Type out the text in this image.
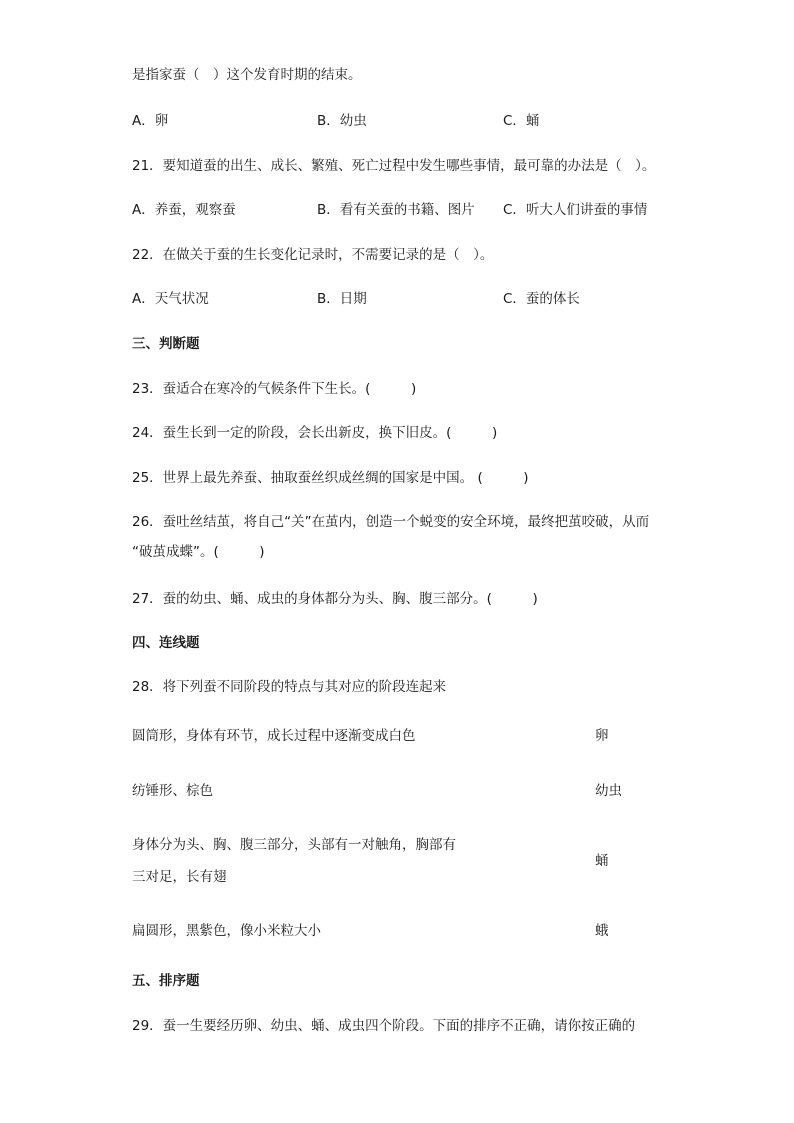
是指家蚕（　）这个发育时期的结束。
A．卵	B．幼虫	C．蛹
21．要知道蚕的出生、成长、繁殖、死亡过程中发生哪些事情，最可靠的办法是（　）。
A．养蚕，观察蚕	B．看有关蚕的书籍、图片 C．听大人们讲蚕的事情
22．在做关于蚕的生长变化记录时，不需要记录的是（　）。
A．天气状况	B．日期	C．蚕的体长
三、判断题
23．蚕适合在寒冷的气候条件下生长。(　　　)
24．蚕生长到一定的阶段，会长出新皮，换下旧皮。(　　　)
25．世界上最先养蚕、抽取蚕丝织成丝绸的国家是中国。 (　　　)
26．蚕吐丝结茧，将自己“关”在茧内，创造一个蜕变的安全环境，最终把茧咬破，从而
“破茧成蝶”。(　　　)
27．蚕的幼虫、蛹、成虫的身体都分为头、胸、腹三部分。(　　　)
四、连线题
28．将下列蚕不同阶段的特点与其对应的阶段连起来
圆筒形，身体有环节，成长过程中逐渐变成白色
纺锤形、棕色
身体分为头、胸、腹三部分，头部有一对触角，胸部有
三对足，长有翅
扁圆形，黑紫色，像小米粒大小
卵
幼虫
蛹
蛾
五、排序题
29．蚕一生要经历卵、幼虫、蛹、成虫四个阶段。下面的排序不正确，请你按正确的
